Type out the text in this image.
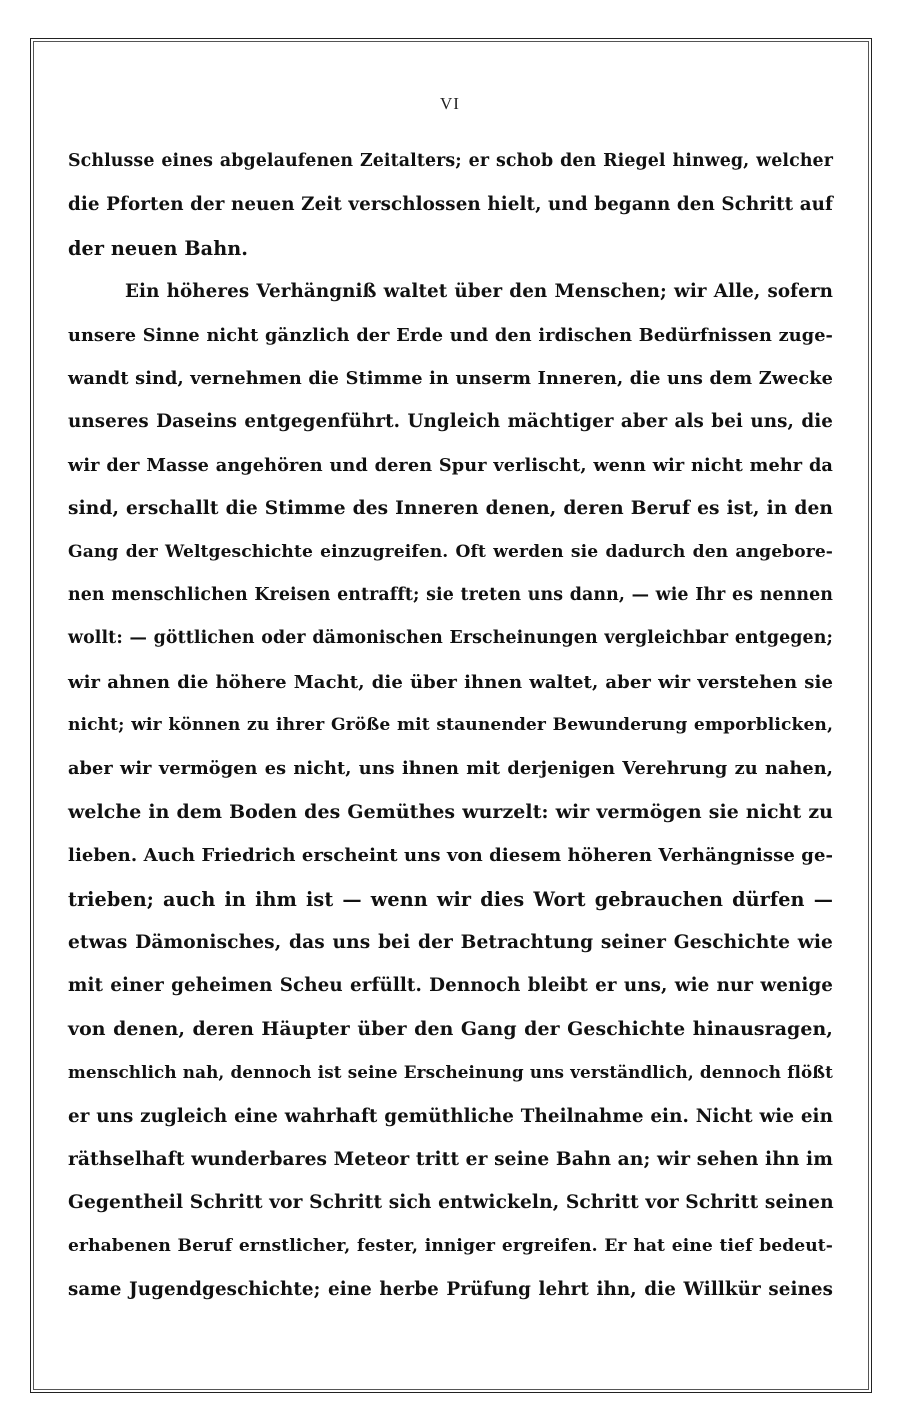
VI
Schlusse eines abgelaufenen Zeitalters; er schob den Riegel hinweg, welcher
die Pforten der neuen Zeit verschlossen hielt, und begann den Schritt auf
der neuen Bahn.
Ein höheres Verhängniß waltet über den Menschen; wir Alle, sofern
unsere Sinne nicht gänzlich der Erde und den irdischen Bedürfnissen zuge-
wandt sind, vernehmen die Stimme in unserm Inneren, die uns dem Zwecke
unseres Daseins entgegenführt. Ungleich mächtiger aber als bei uns, die
wir der Masse angehören und deren Spur verlischt, wenn wir nicht mehr da
sind, erschallt die Stimme des Inneren denen, deren Beruf es ist, in den
Gang der Weltgeschichte einzugreifen. Oft werden sie dadurch den angebore-
nen menschlichen Kreisen entrafft; sie treten uns dann, — wie Ihr es nennen
wollt: — göttlichen oder dämonischen Erscheinungen vergleichbar entgegen;
wir ahnen die höhere Macht, die über ihnen waltet, aber wir verstehen sie
nicht; wir können zu ihrer Größe mit staunender Bewunderung emporblicken,
aber wir vermögen es nicht, uns ihnen mit derjenigen Verehrung zu nahen,
welche in dem Boden des Gemüthes wurzelt: wir vermögen sie nicht zu
lieben. Auch Friedrich erscheint uns von diesem höheren Verhängnisse ge-
trieben; auch in ihm ist — wenn wir dies Wort gebrauchen dürfen —
etwas Dämonisches, das uns bei der Betrachtung seiner Geschichte wie
mit einer geheimen Scheu erfüllt. Dennoch bleibt er uns, wie nur wenige
von denen, deren Häupter über den Gang der Geschichte hinausragen,
menschlich nah, dennoch ist seine Erscheinung uns verständlich, dennoch flößt
er uns zugleich eine wahrhaft gemüthliche Theilnahme ein. Nicht wie ein
räthselhaft wunderbares Meteor tritt er seine Bahn an; wir sehen ihn im
Gegentheil Schritt vor Schritt sich entwickeln, Schritt vor Schritt seinen
erhabenen Beruf ernstlicher, fester, inniger ergreifen. Er hat eine tief bedeut-
same Jugendgeschichte; eine herbe Prüfung lehrt ihn, die Willkür seines
